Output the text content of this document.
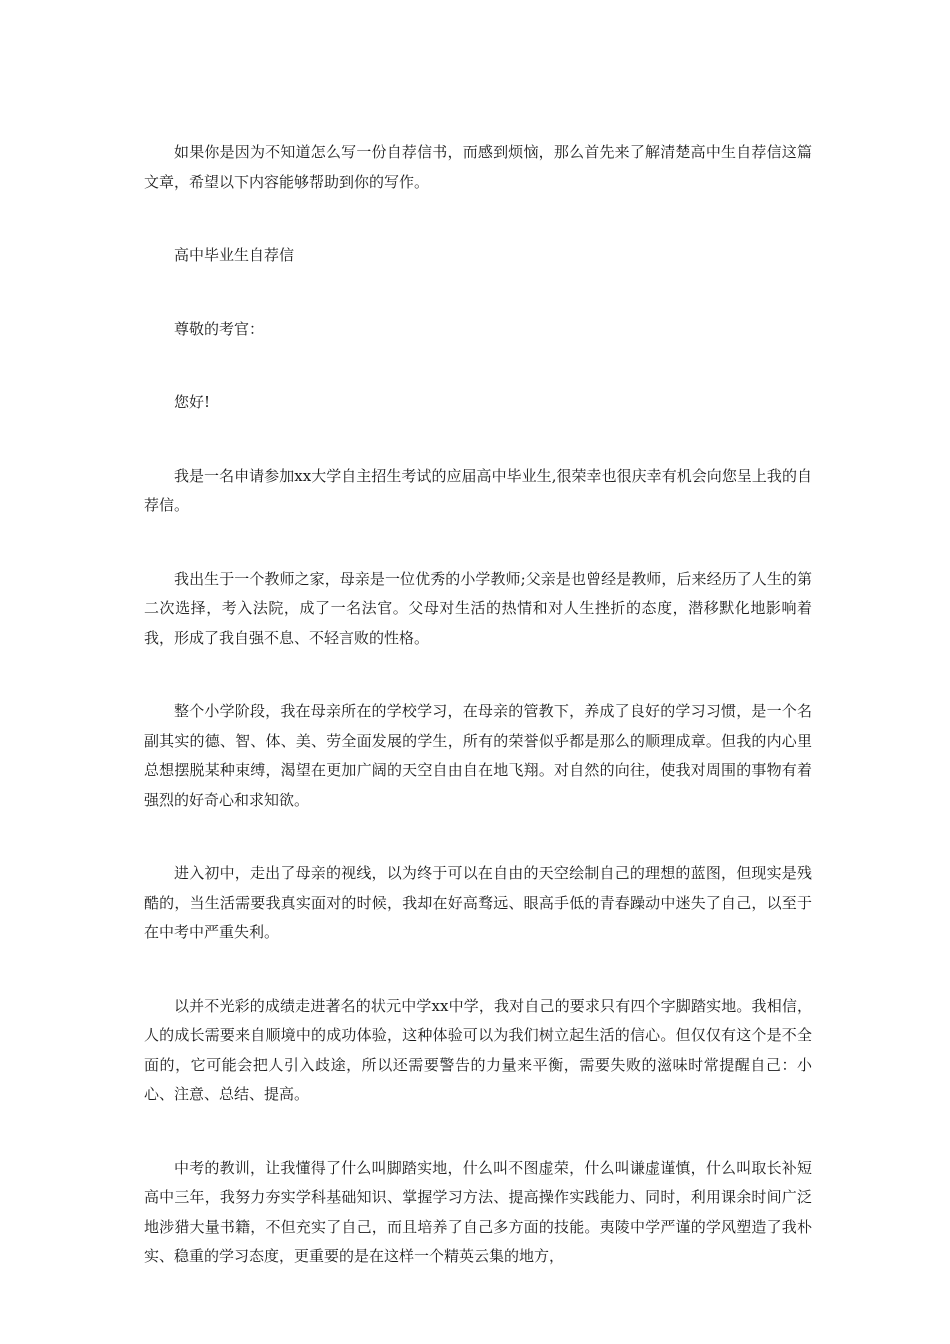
如果你是因为不知道怎么写一份自荐信书，而感到烦恼，那么首先来了解清楚高中生自荐信这篇文章，希望以下内容能够帮助到你的写作。

高中毕业生自荐信

尊敬的考官：

您好!

我是一名申请参加xx大学自主招生考试的应届高中毕业生,很荣幸也很庆幸有机会向您呈上我的自荐信。

我出生于一个教师之家，母亲是一位优秀的小学教师;父亲是也曾经是教师，后来经历了人生的第二次选择，考入法院，成了一名法官。父母对生活的热情和对人生挫折的态度，潜移默化地影响着我，形成了我自强不息、不轻言败的性格。

整个小学阶段，我在母亲所在的学校学习，在母亲的管教下，养成了良好的学习习惯，是一个名副其实的德、智、体、美、劳全面发展的学生，所有的荣誉似乎都是那么的顺理成章。但我的内心里总想摆脱某种束缚，渴望在更加广阔的天空自由自在地飞翔。对自然的向往，使我对周围的事物有着强烈的好奇心和求知欲。

进入初中，走出了母亲的视线，以为终于可以在自由的天空绘制自己的理想的蓝图，但现实是残酷的，当生活需要我真实面对的时候，我却在好高骛远、眼高手低的青春躁动中迷失了自己，以至于在中考中严重失利。

以并不光彩的成绩走进著名的状元中学xx中学，我对自己的要求只有四个字脚踏实地。我相信，人的成长需要来自顺境中的成功体验，这种体验可以为我们树立起生活的信心。但仅仅有这个是不全面的，它可能会把人引入歧途，所以还需要警告的力量来平衡，需要失败的滋味时常提醒自己：小心、注意、总结、提高。

中考的教训，让我懂得了什么叫脚踏实地，什么叫不图虚荣，什么叫谦虚谨慎，什么叫取长补短高中三年，我努力夯实学科基础知识、掌握学习方法、提高操作实践能力、同时，利用课余时间广泛地涉猎大量书籍，不但充实了自己，而且培养了自己多方面的技能。夷陵中学严谨的学风塑造了我朴实、稳重的学习态度，更重要的是在这样一个精英云集的地方，
